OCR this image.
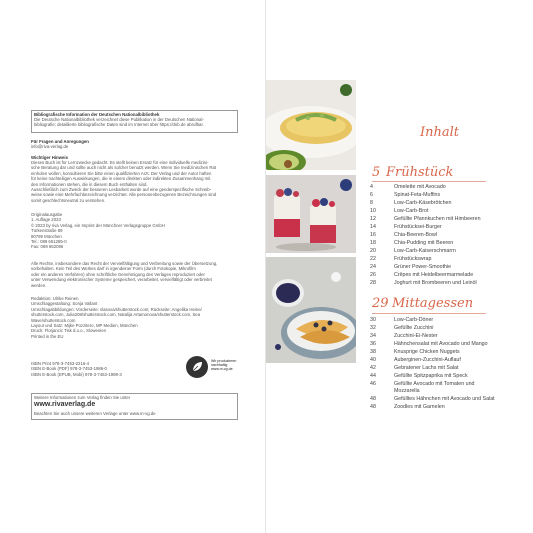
Bibliografische Information der Deutschen Nationalbibliothek

Die Deutsche Nationalbibliothek verzeichnet diese Publikation in der Deutschen National-
bibliografie; detaillierte bibliografische Daten sind im Internet über https://dnb.de abrufbar.

Für Fragen und Anregungen

info@rivа-verlag.de

Wichtiger Hinweis

Dieses Buch ist für Lernzwecke gedacht. Es stellt keinen Ersatz für eine individuelle medizini-
sche Beratung dar und sollte auch nicht als solcher benutzt werden. Wenn Sie medizinischen Rat
einholen wollen, konsultieren Sie bitte einen qualifizierten Arzt. Der Verlag und der Autor haften
für keine nachteiligen Auswirkungen, die in einem direkten oder indirekten Zusammenhang mit
den Informationen stehen, die in diesem Buch enthalten sind.
Ausschließlich zum Zweck der besseren Lesbarkeit wurde auf eine genderspezifische Schreib-
weise sowie eine Mehrfachbezeichnung verzichtet. Alle personenbezogenen Bezeichnungen sind
somit geschlechtsneutral zu verstehen.

Originalausgabe
1. Auflage 2023
© 2023 by riva Verlag, ein Imprint der Münchner Verlagsgruppe GmbH
Türkenstraße 89
80799 München
Tel.: 089 651285-0
Fax: 089 652096

Alle Rechte, insbesondere das Recht der Vervielfältigung und Verbreitung sowie der Übersetzung,
vorbehalten. Kein Teil des Werkes darf in irgendeiner Form (durch Fotokopie, Mikrofilm
oder ein anderes Verfahren) ohne schriftliche Genehmigung des Verlages reproduziert oder
unter Verwendung elektronischer Systeme gespeichert, verarbeitet, vervielfältigt oder verbreitet
werden.

Redaktion: Ulrike Reinen
Umschlaggestaltung: Sonja Vallant
Umschlagabbildungen: Vorderseite: vlasova/shutterstock.com; Rückseite: Angelika Heine/
shutterstock.com, Julia208/shutterstock.com, Natalija Artamonova/shutterstock.com, Sea
Wave/shutterstock.com
Layout und Satz: Mijke Pozzitero, MP Medien, München
Druck: Florjancic Tisk d.o.o., Slowenien
Printed in the EU

ISBN Print 978-3-7453-2216-4
ISBN E-Book (PDF) 978-3-7453-1986-0
ISBN E-Book (EPUB, Mobi) 978-3-7453-1998-3

Wir produzieren
nachhaltig
www.m-vg.de

Weitere Informationen zum Verlag finden Sie unter

www.rivaverlag.de

Beachten Sie auch unsere weiteren Verlage unter www.m-vg.de

Inhalt
5 Frühstück
4	Omelette mit Avocado
6	Spinat-Feta-Muffins
8	Low-Carb-Käsebrötchen
10	Low-Carb-Brot
12	Gefüllte Pfannkuchen mit Himbeeren
14	Frühstücksei-Burger
16	Chia-Beeren-Bowl
18	Chia-Pudding mit Beeren
20	Low-Carb-Kaiserschmarrn
22	Frühstückswrap
24	Grüner Power-Smoothie
26	Crêpes mit Heidelbeermarmelade
28	Joghurt mit Brombeeren und Leinöl
29 Mittagessen
30	Low-Carb-Döner
32	Gefüllte Zucchini
34	Zucchini-Ei-Nester
36	Hähnchensalat mit Avocado und Mango
38	Knusprige Chicken Nuggets
40	Auberginen-Zucchini-Auflauf
42	Gebratener Lachs mit Salat
44	Gefüllte Spitzpaprika mit Speck
46	Gefüllte Avocado mit Tomaten und
Mozzarella
48	Gefülltes Hähnchen mit Avocado und Salat
48	Zoodles mit Garnelen
